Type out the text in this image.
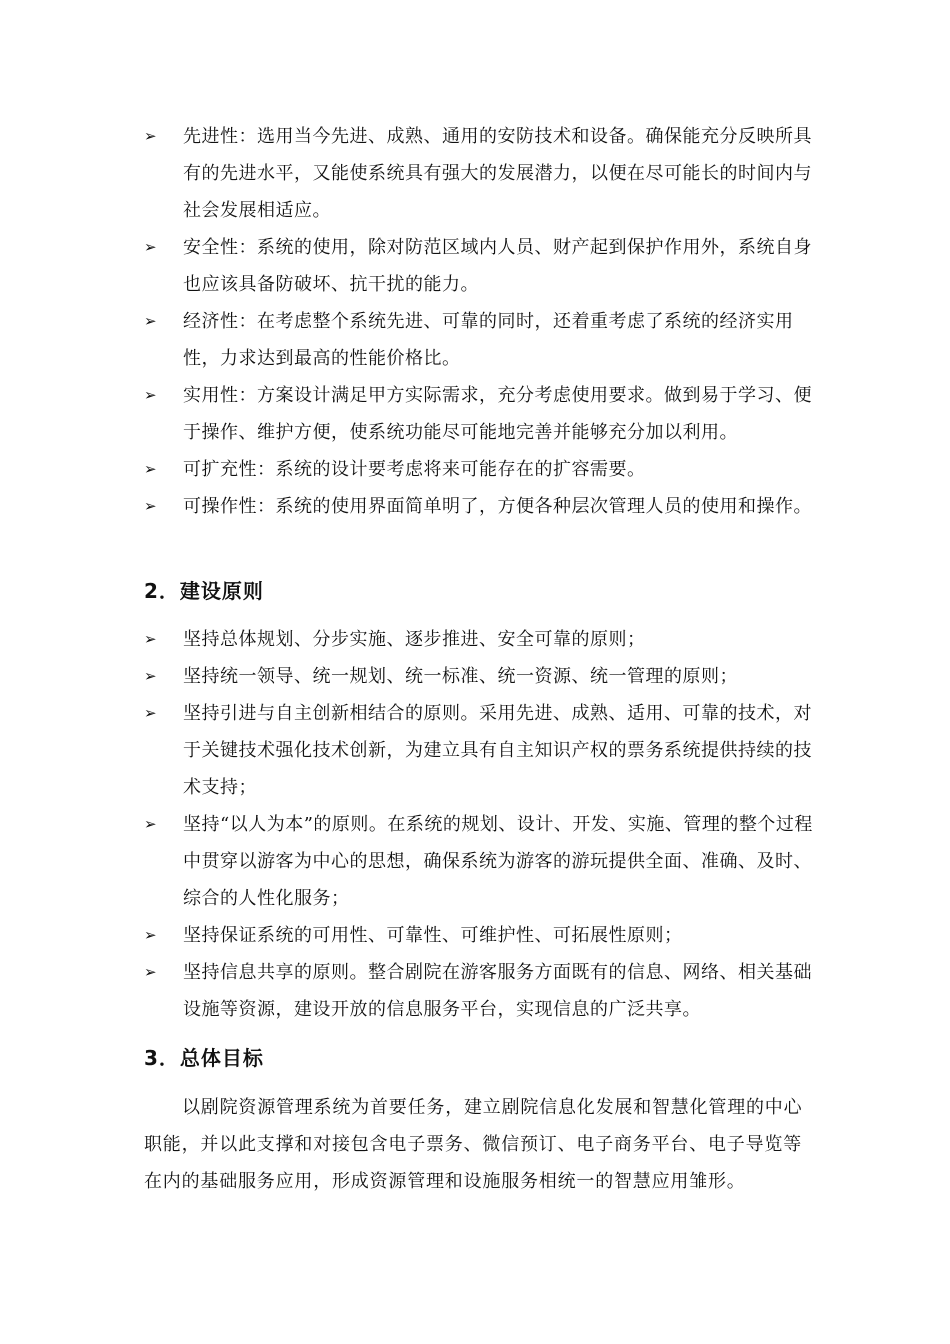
➢	先进性：选用当今先进、成熟、通用的安防技术和设备。确保能充分反映所具有的先进水平，又能使系统具有强大的发展潜力，以便在尽可能长的时间内与社会发展相适应。
➢	安全性：系统的使用，除对防范区域内人员、财产起到保护作用外，系统自身也应该具备防破坏、抗干扰的能力。
➢	经济性：在考虑整个系统先进、可靠的同时，还着重考虑了系统的经济实用性，力求达到最高的性能价格比。
➢	实用性：方案设计满足甲方实际需求，充分考虑使用要求。做到易于学习、便于操作、维护方便，使系统功能尽可能地完善并能够充分加以利用。
➢	可扩充性：系统的设计要考虑将来可能存在的扩容需要。
➢	可操作性：系统的使用界面简单明了，方便各种层次管理人员的使用和操作。
2．建设原则
➢	坚持总体规划、分步实施、逐步推进、安全可靠的原则；
➢	坚持统一领导、统一规划、统一标准、统一资源、统一管理的原则；
➢	坚持引进与自主创新相结合的原则。采用先进、成熟、适用、可靠的技术，对于关键技术强化技术创新，为建立具有自主知识产权的票务系统提供持续的技术支持；
➢	坚持“以人为本”的原则。在系统的规划、设计、开发、实施、管理的整个过程中贯穿以游客为中心的思想，确保系统为游客的游玩提供全面、准确、及时、综合的人性化服务；
➢	坚持保证系统的可用性、可靠性、可维护性、可拓展性原则；
➢	坚持信息共享的原则。整合剧院在游客服务方面既有的信息、网络、相关基础设施等资源，建设开放的信息服务平台，实现信息的广泛共享。
3．总体目标

以剧院资源管理系统为首要任务，建立剧院信息化发展和智慧化管理的中心职能，并以此支撑和对接包含电子票务、微信预订、电子商务平台、电子导览等在内的基础服务应用，形成资源管理和设施服务相统一的智慧应用雏形。
